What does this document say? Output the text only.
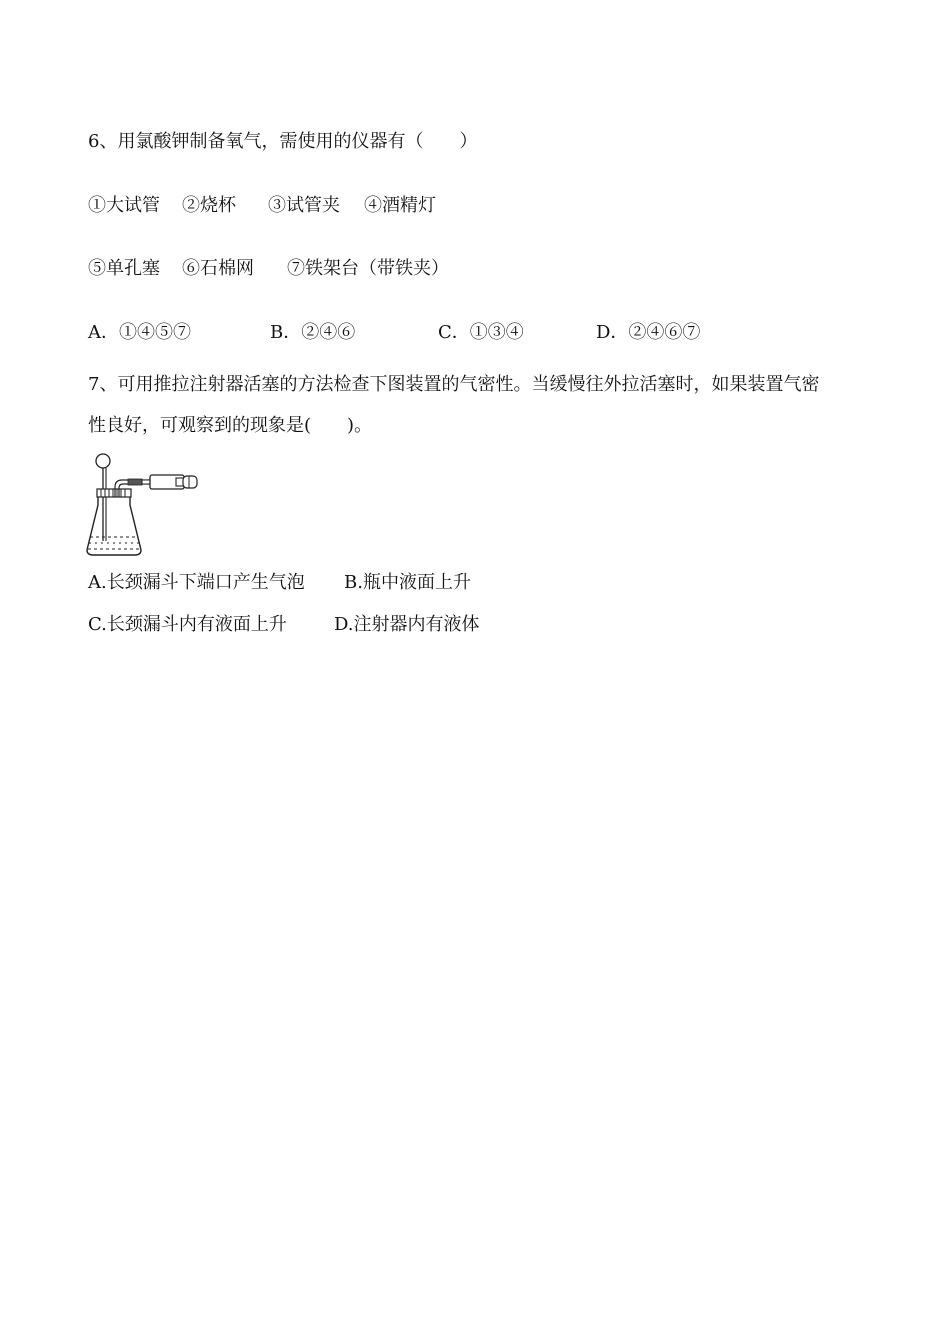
6、用氯酸钾制备氧气，需使用的仪器有（　　）
①大试管 ②烧杯 ③试管夹 ④酒精灯
⑤单孔塞 ⑥石棉网 ⑦铁架台（带铁夹）
A．①④⑤⑦	B．②④⑥	C．①③④	D．②④⑥⑦
7、可用推拉注射器活塞的方法检查下图装置的气密性。当缓慢往外拉活塞时，如果装置气密
性良好，可观察到的现象是(　　)。
A.长颈漏斗下端口产生气泡 B.瓶中液面上升
C.长颈漏斗内有液面上升	D.注射器内有液体
